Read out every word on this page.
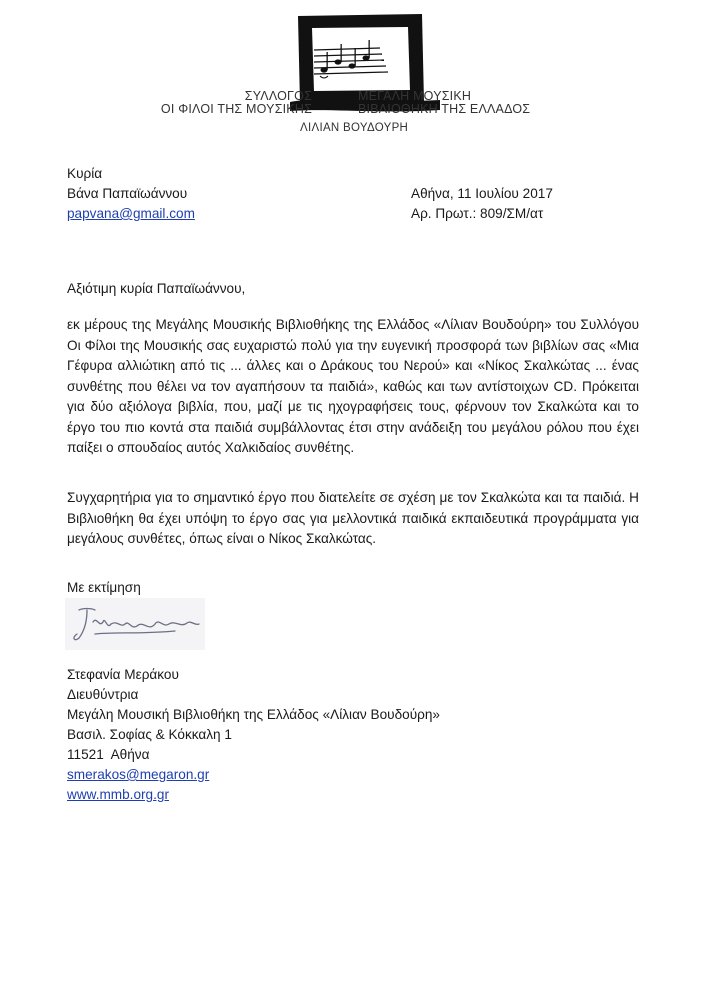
ΣΥΛΛΟΓΟΣ
ΟΙ ΦΙΛΟΙ ΤΗΣ ΜΟΥΣΙΚΗΣ
ΜΕΓΑΛΗ ΜΟΥΣΙΚΗ
ΒΙΒΛΙΟΘΗΚΗ ΤΗΣ ΕΛΛΑΔΟΣ
ΛΙΛΙΑΝ ΒΟΥΔΟΥΡΗ
Κυρία
Βάνα Παπαϊωάννου
papvana@gmail.com
Αθήνα, 11 Ιουλίου 2017
Αρ. Πρωτ.: 809/ΣΜ/ατ
Αξιότιμη κυρία Παπαϊωάννου,
εκ μέρους της Μεγάλης Μουσικής Βιβλιοθήκης της Ελλάδος «Λίλιαν Βουδούρη» του Συλλόγου Οι Φίλοι της Μουσικής σας ευχαριστώ πολύ για την ευγενική προσφορά των βιβλίων σας «Μια Γέφυρα αλλιώτικη από τις ... άλλες και ο Δράκους του Νερού» και «Νίκος Σκαλκώτας ... ένας συνθέτης που θέλει να τον αγαπήσουν τα παιδιά», καθώς και των αντίστοιχων CD. Πρόκειται για δύο αξιόλογα βιβλία, που, μαζί με τις ηχογραφήσεις τους, φέρνουν τον Σκαλκώτα και το έργο του πιο κοντά στα παιδιά συμβάλλοντας έτσι στην ανάδειξη του μεγάλου ρόλου που έχει παίξει ο σπουδαίος αυτός Χαλκιδαίος συνθέτης.
Συγχαρητήρια για το σημαντικό έργο που διατελείτε σε σχέση με τον Σκαλκώτα και τα παιδιά. Η Βιβλιοθήκη θα έχει υπόψη το έργο σας για μελλοντικά παιδικά εκπαιδευτικά προγράμματα για μεγάλους συνθέτες, όπως είναι ο Νίκος Σκαλκώτας.
Με εκτίμηση
Στεφανία Μεράκου
Διευθύντρια
Μεγάλη Μουσική Βιβλιοθήκη της Ελλάδος «Λίλιαν Βουδούρη»
Βασιλ. Σοφίας & Κόκκαλη 1
11521  Αθήνα
smerakos@megaron.gr
www.mmb.org.gr
